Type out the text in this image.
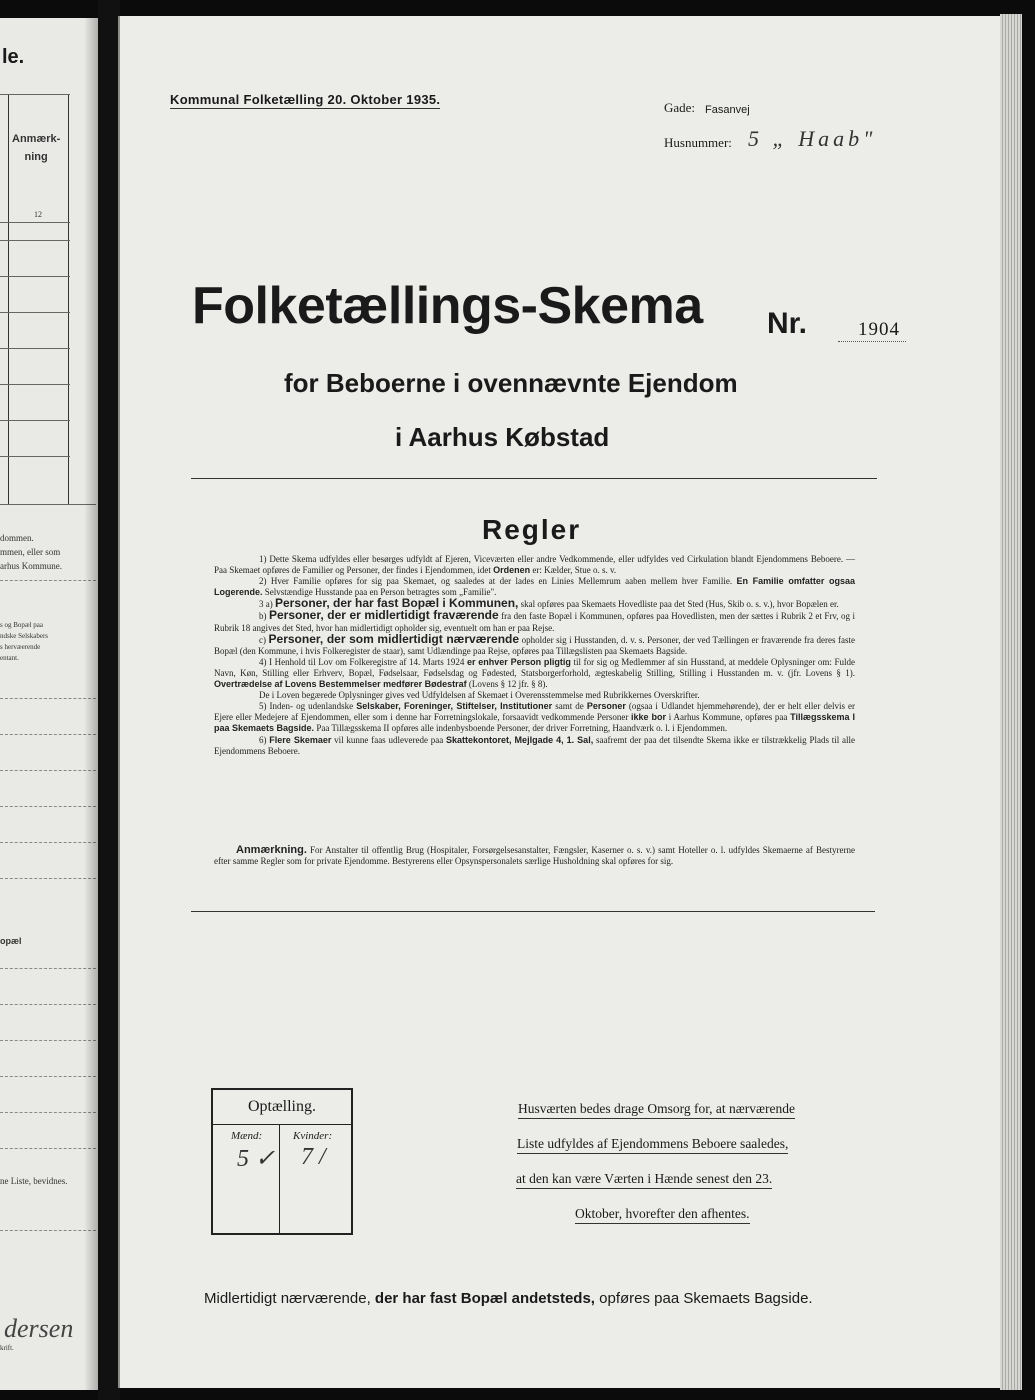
le.
Anmærk-
ning
12
dommen.
mmen, eller som
arhus Kommune.
s og Bopæl paa
ndske Selskabers
s hervæerende
entant.
opæl
ne Liste, bevidnes.
dersen
krift.
Kommunal Folketælling 20. Oktober 1935.
Gade: Fasanvej
Husnummer: 5 „ Haab"
Folketællings-Skema Nr.	1904
for Beboerne i ovennævnte Ejendom
i Aarhus Købstad
Regler

1) Dette Skema udfyldes eller besørges udfyldt af Ejeren, Viceværten eller andre Vedkommende, eller udfyldes ved Cirkulation blandt Ejendommens Beboere. — Paa Skemaet opføres de Familier og Personer, der findes i Ejendommen, idet Ordenen er: Kælder, Stue o. s. v.

2) Hver Familie opføres for sig paa Skemaet, og saaledes at der lades en Linies Mellemrum aaben mellem hver Familie. En Familie omfatter ogsaa Logerende. Selvstændige Husstande paa en Person betragtes som „Familie".

3 a) Personer, der har fast Bopæl i Kommunen, skal opføres paa Skemaets Hovedliste paa det Sted (Hus, Skib o. s. v.), hvor Bopælen er.

b) Personer, der er midlertidigt fraværende fra den faste Bopæl i Kommunen, opføres paa Hovedlisten, men der sættes i Rubrik 2 et Frv, og i Rubrik 18 angives det Sted, hvor han midlertidigt opholder sig, eventuelt om han er paa Rejse.

c) Personer, der som midlertidigt nærværende opholder sig i Husstanden, d. v. s. Personer, der ved Tællingen er fraværende fra deres faste Bopæl (den Kommune, i hvis Folkeregister de staar), samt Udlændinge paa Rejse, opføres paa Tillægslisten paa Skemaets Bagside.

4) I Henhold til Lov om Folkeregistre af 14. Marts 1924 er enhver Person pligtig til for sig og Medlemmer af sin Husstand, at meddele Oplysninger om: Fulde Navn, Køn, Stilling eller Erhverv, Bopæl, Fødselsaar, Fødselsdag og Fødested, Statsborgerforhold, ægteskabelig Stilling, Stilling i Husstanden m. v. (jfr. Lovens § 1). Overtrædelse af Lovens Bestemmelser medfører Bødestraf (Lovens § 12 jfr. § 8).

De i Loven begærede Oplysninger gives ved Udfyldelsen af Skemaet i Overensstemmelse med Rubrikkernes Overskrifter.

5) Inden- og udenlandske Selskaber, Foreninger, Stiftelser, Institutioner samt de Personer (ogsaa i Udlandet hjemmehørende), der er helt eller delvis er Ejere eller Medejere af Ejendommen, eller som i denne har Forretningslokale, forsaavidt vedkommende Personer ikke bor i Aarhus Kommune, opføres paa Tillægsskema I paa Skemaets Bagside. Paa Tillægsskema II opføres alle indenbysboende Personer, der driver Forretning, Haandværk o. l. i Ejendommen.

6) Flere Skemaer vil kunne faas udleverede paa Skattekontoret, Mejlgade 4, 1. Sal, saafremt der paa det tilsendte Skema ikke er tilstrækkelig Plads til alle Ejendommens Beboere.

Anmærkning. For Anstalter til offentlig Brug (Hospitaler, Forsørgelsesanstalter, Fængsler, Kaserner o. s. v.) samt Hoteller o. l. udfyldes Skemaerne af Bestyrerne efter samme Regler som for private Ejendomme. Bestyrerens eller Opsynspersonalets særlige Husholdning skal opføres for sig.

Optælling.
Mænd:	Kvinder:
5 ✓ 7 /
Husværten bedes drage Omsorg for, at nærværende
Liste udfyldes af Ejendommens Beboere saaledes,
at den kan være Værten i Hænde senest den 23.
Oktober, hvorefter den afhentes.
Midlertidigt nærværende, der har fast Bopæl andetsteds, opføres paa Skemaets Bagside.
